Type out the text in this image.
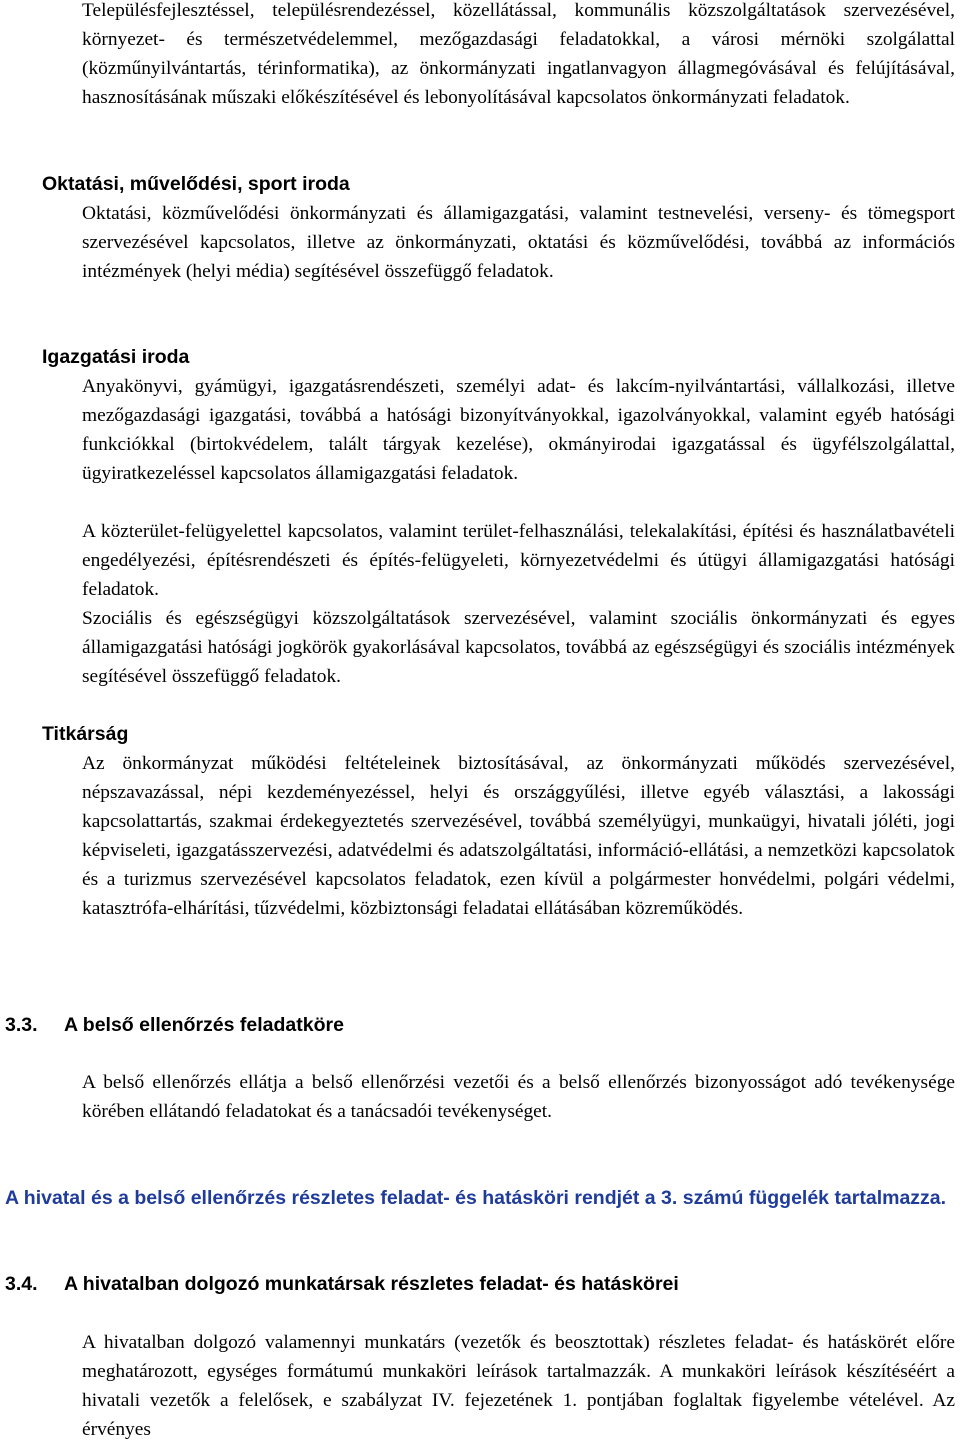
Településfejlesztéssel, településrendezéssel, közellátással, kommunális közszolgáltatások szervezésével, környezet- és természetvédelemmel, mezőgazdasági feladatokkal, a városi mérnöki szolgálattal (közműnyilvántartás, térinformatika), az önkormányzati ingatlanvagyon állagmegóvásával és felújításával, hasznosításának műszaki előkészítésével és lebonyolításával kapcsolatos önkormányzati feladatok.

Oktatási, művelődési, sport iroda

Oktatási, közművelődési önkormányzati és államigazgatási, valamint testnevelési, verseny- és tömegsport szervezésével kapcsolatos, illetve az önkormányzati, oktatási és közművelődési, továbbá az információs intézmények (helyi média) segítésével összefüggő feladatok.

Igazgatási iroda

Anyakönyvi, gyámügyi, igazgatásrendészeti, személyi adat- és lakcím-nyilvántartási, vállalkozási, illetve mezőgazdasági igazgatási, továbbá a hatósági bizonyítványokkal, igazolványokkal, valamint egyéb hatósági funkciókkal (birtokvédelem, talált tárgyak kezelése), okmányirodai igazgatással és ügyfélszolgálattal, ügyiratkezeléssel kapcsolatos államigazgatási feladatok.

A közterület-felügyelettel kapcsolatos, valamint terület-felhasználási, telekalakítási, építési és használatbavételi engedélyezési, építésrendészeti és építés-felügyeleti, környezetvédelmi és útügyi államigazgatási hatósági feladatok.

Szociális és egészségügyi közszolgáltatások szervezésével, valamint szociális önkormányzati és egyes államigazgatási hatósági jogkörök gyakorlásával kapcsolatos, továbbá az egészségügyi és szociális intézmények segítésével összefüggő feladatok.

Titkárság

Az önkormányzat működési feltételeinek biztosításával, az önkormányzati működés szervezésével, népszavazással, népi kezdeményezéssel, helyi és országgyűlési, illetve egyéb választási, a lakossági kapcsolattartás, szakmai érdekegyeztetés szervezésével, továbbá személyügyi, munkaügyi, hivatali jóléti, jogi képviseleti, igazgatásszervezési, adatvédelmi és adatszolgáltatási, információ-ellátási, a nemzetközi kapcsolatok és a turizmus szervezésével kapcsolatos feladatok, ezen kívül a polgármester honvédelmi, polgári védelmi, katasztrófa-elhárítási, tűzvédelmi, közbiztonsági feladatai ellátásában közreműködés.

3.3. A belső ellenőrzés feladatköre

A belső ellenőrzés ellátja a belső ellenőrzési vezetői és a belső ellenőrzés bizonyosságot adó tevékenysége körében ellátandó feladatokat és a tanácsadói tevékenységet.

A hivatal és a belső ellenőrzés részletes feladat- és hatásköri rendjét a 3. számú függelék tartalmazza.

3.4. A hivatalban dolgozó munkatársak részletes feladat- és hatáskörei

A hivatalban dolgozó valamennyi munkatárs (vezetők és beosztottak) részletes feladat- és hatáskörét előre meghatározott, egységes formátumú munkaköri leírások tartalmazzák. A munkaköri leírások készítéséért a hivatali vezetők a felelősek, e szabályzat IV. fejezetének 1. pontjában foglaltak figyelembe vételével. Az érvényes
